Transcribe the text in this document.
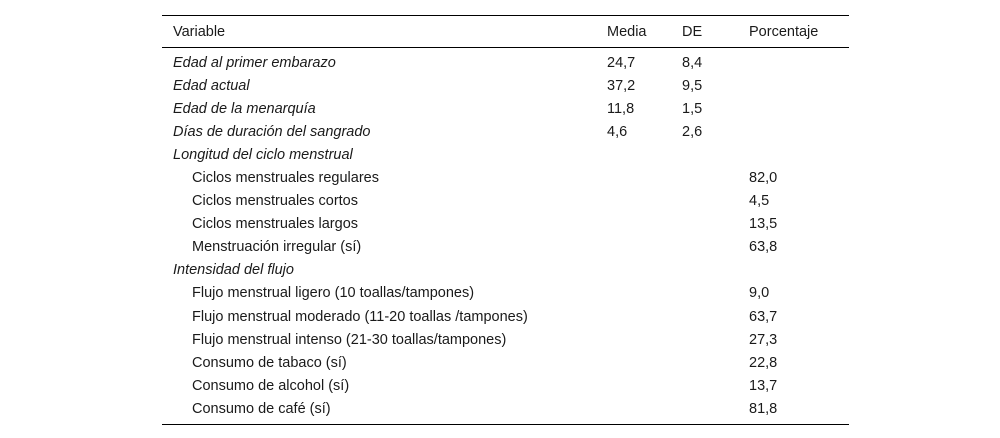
Variable	Media	DE	Porcentaje
Edad al primer embarazo	24,7	8,4	
Edad actual	37,2	9,5	
Edad de la menarquía	11,8	1,5	
Días de duración del sangrado	4,6	2,6	
Longitud del ciclo menstrual			
Ciclos menstruales regulares			82,0
Ciclos menstruales cortos			4,5
Ciclos menstruales largos			13,5
Menstruación irregular (sí)			63,8
Intensidad del flujo			
Flujo menstrual ligero (10 toallas/tampones)			9,0
Flujo menstrual moderado (11-20 toallas /tampones)			63,7
Flujo menstrual intenso (21-30 toallas/tampones)			27,3
Consumo de tabaco (sí)			22,8
Consumo de alcohol (sí)			13,7
Consumo de café (sí)			81,8
